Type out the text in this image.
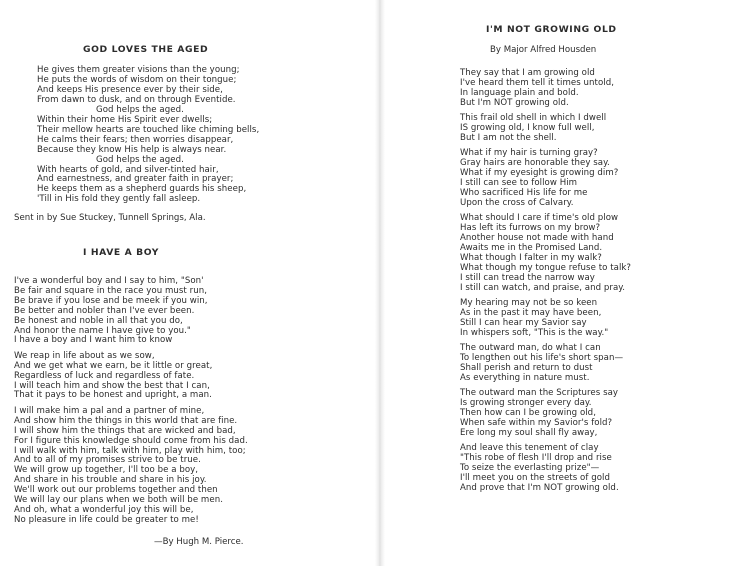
GOD LOVES THE AGED
He gives them greater visions than the young;
He puts the words of wisdom on their tongue;
And keeps His presence ever by their side,
From dawn to dusk, and on through Eventide.
God helps the aged.
Within their home His Spirit ever dwells;
Their mellow hearts are touched like chiming bells,
He calms their fears; then worries disappear,
Because they know His help is always near.
God helps the aged.
With hearts of gold, and silver-tinted hair,
And earnestness, and greater faith in prayer;
He keeps them as a shepherd guards his sheep,
'Till in His fold they gently fall asleep.

Sent in by Sue Stuckey, Tunnell Springs, Ala.

I HAVE A BOY
I've a wonderful boy and I say to him, "Son'
Be fair and square in the race you must run,
Be brave if you lose and be meek if you win,
Be better and nobler than I've ever been.
Be honest and noble in all that you do,
And honor the name I have give to you."
I have a boy and I want him to know
We reap in life about as we sow,
And we get what we earn, be it little or great,
Regardless of luck and regardless of fate.
I will teach him and show the best that I can,
That it pays to be honest and upright, a man.
I will make him a pal and a partner of mine,
And show him the things in this world that are fine.
I will show him the things that are wicked and bad,
For I figure this knowledge should come from his dad.
I will walk with him, talk with him, play with him, too;
And to all of my promises strive to be true.
We will grow up together, I'll too be a boy,
And share in his trouble and share in his joy.
We'll work out our problems together and then
We will lay our plans when we both will be men.
And oh, what a wonderful joy this will be,
No pleasure in life could be greater to me!

—By Hugh M. Pierce.

I'M NOT GROWING OLD

By Major Alfred Housden

They say that I am growing old
I've heard them tell it times untold,
In language plain and bold.
But I'm NOT growing old.
This frail old shell in which I dwell
IS growing old, I know full well,
But I am not the shell.
What if my hair is turning gray?
Gray hairs are honorable they say.
What if my eyesight is growing dim?
I still can see to follow Him
Who sacrificed His life for me
Upon the cross of Calvary.
What should I care if time's old plow
Has left its furrows on my brow?
Another house not made with hand
Awaits me in the Promised Land.
What though I falter in my walk?
What though my tongue refuse to talk?
I still can tread the narrow way
I still can watch, and praise, and pray.
My hearing may not be so keen
As in the past it may have been,
Still I can hear my Savior say
In whispers soft, "This is the way."
The outward man, do what I can
To lengthen out his life's short span—
Shall perish and return to dust
As everything in nature must.
The outward man the Scriptures say
Is growing stronger every day.
Then how can I be growing old,
When safe within my Savior's fold?
Ere long my soul shall fly away,
And leave this tenement of clay
"This robe of flesh I'll drop and rise
To seize the everlasting prize"—
I'll meet you on the streets of gold
And prove that I'm NOT growing old.
